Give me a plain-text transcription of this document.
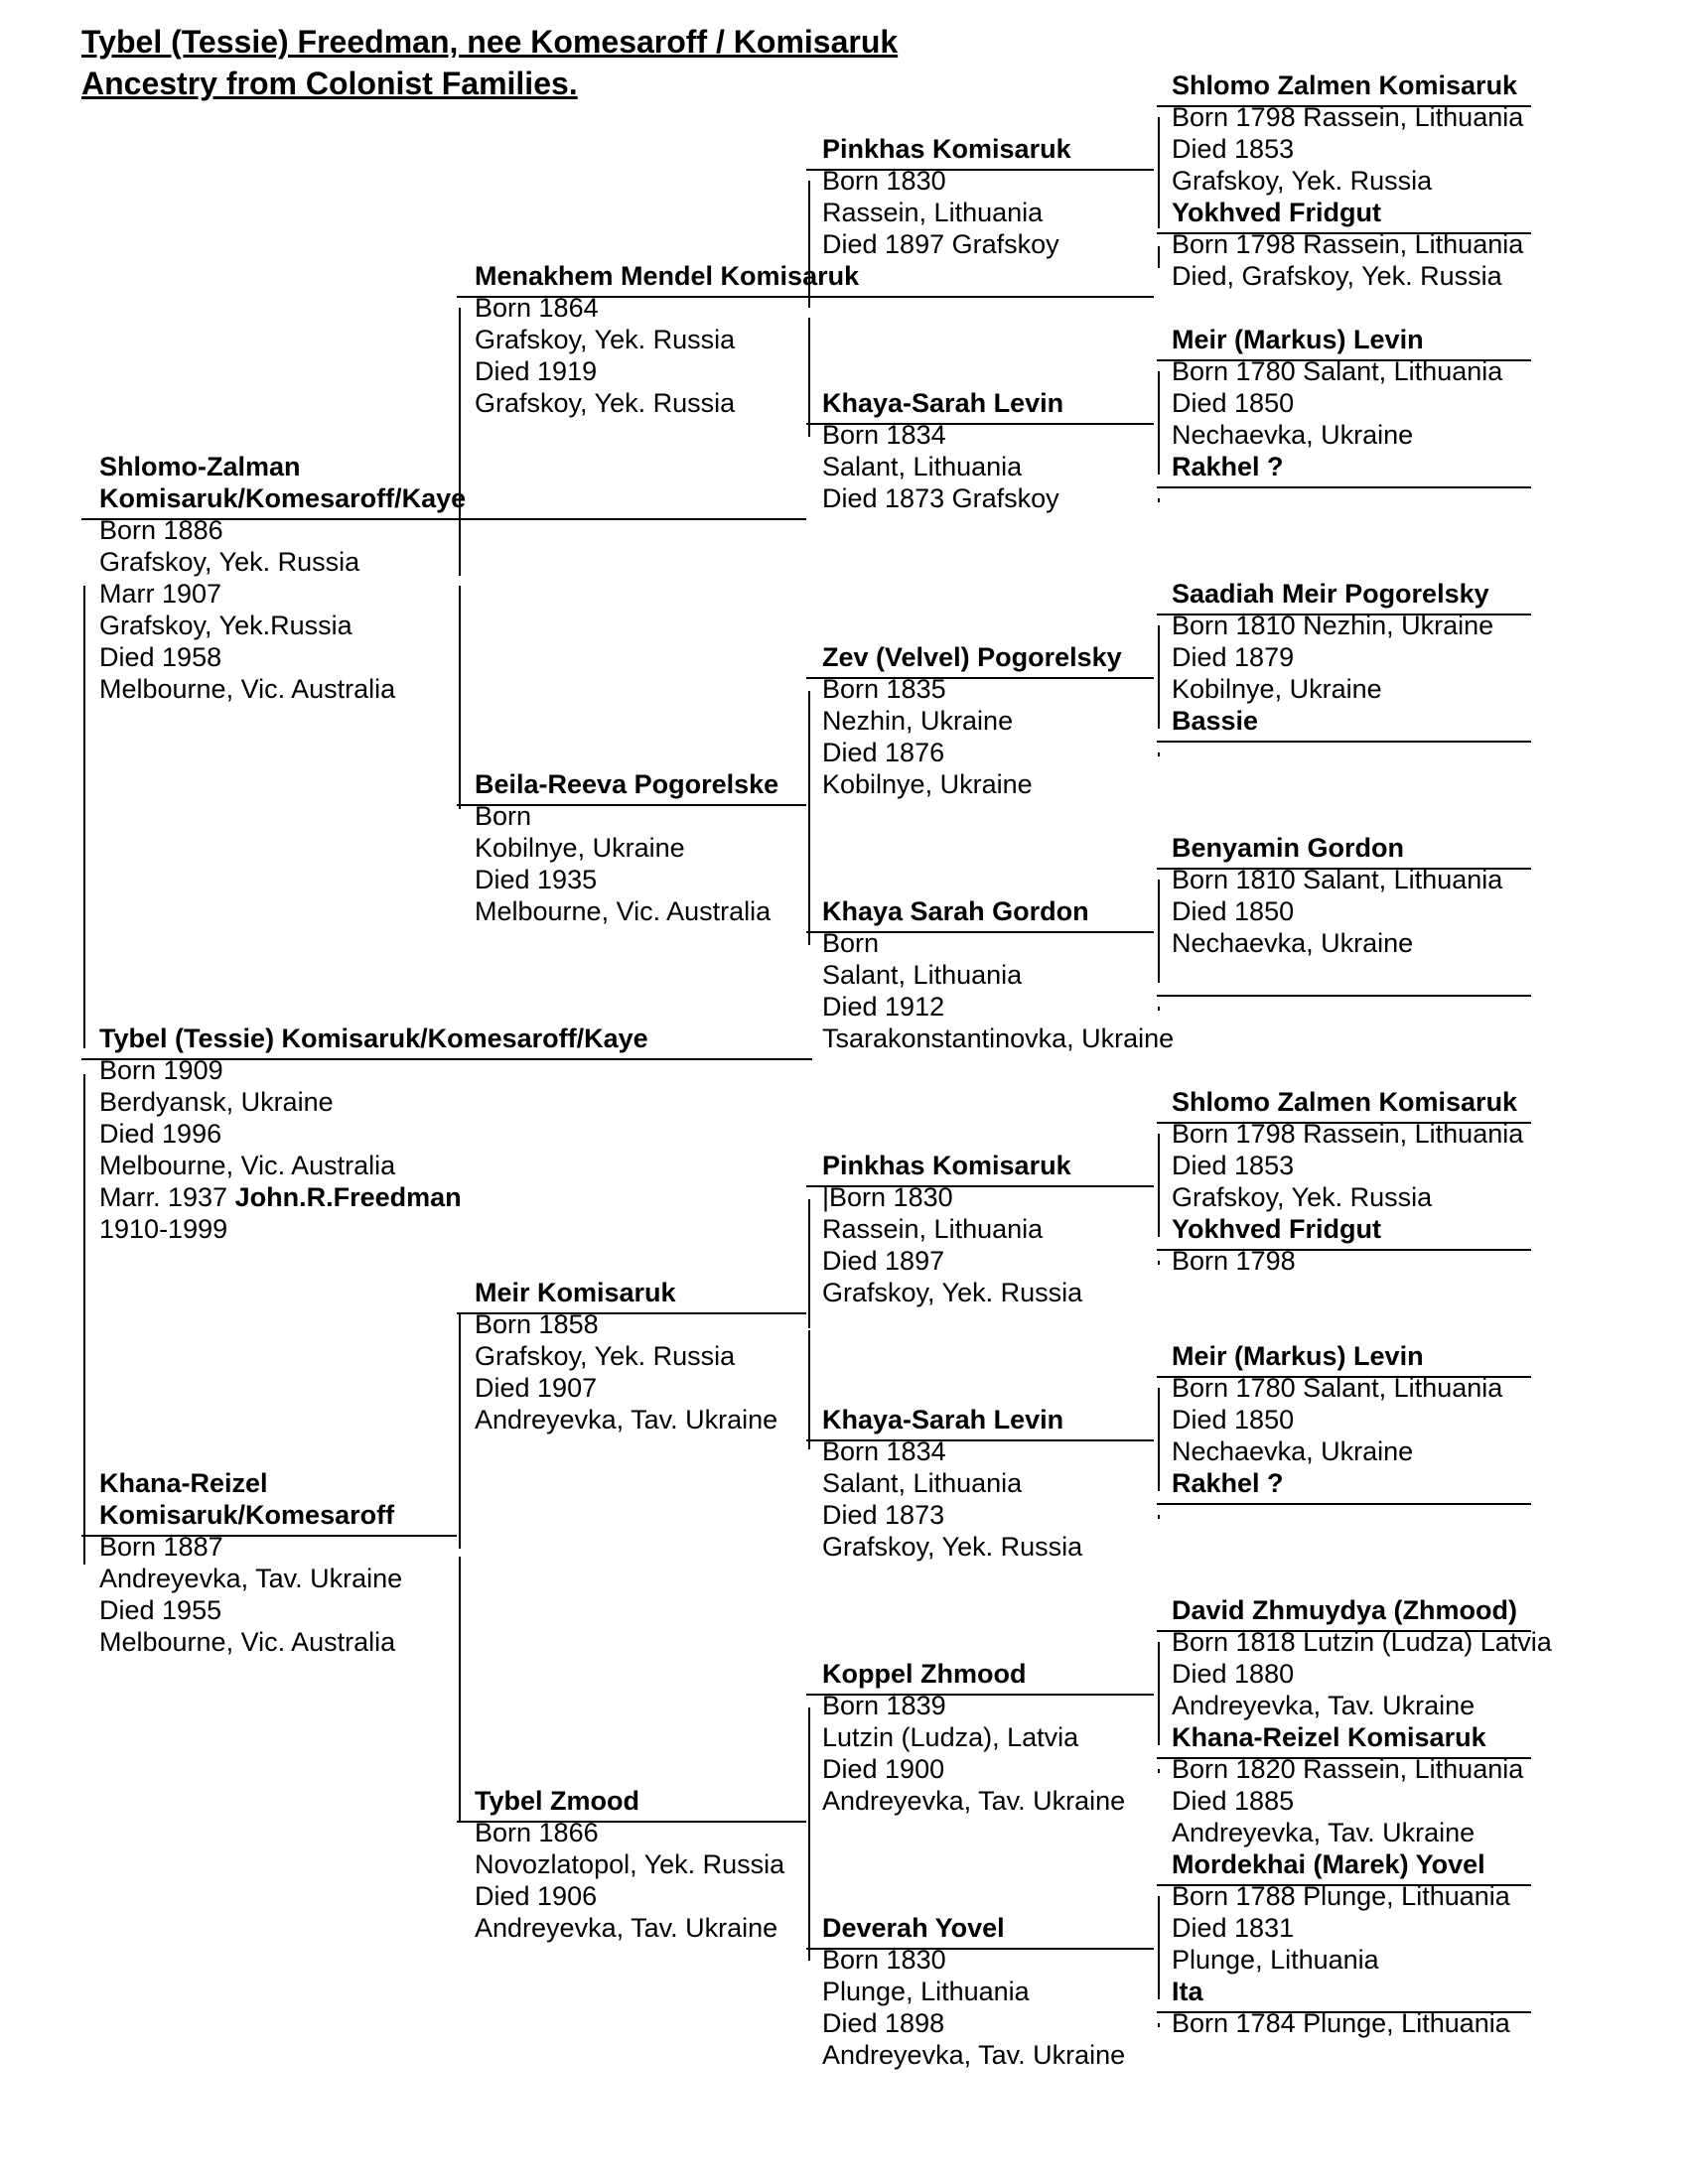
Tybel (Tessie) Freedman, nee Komesaroff / Komisaruk
Ancestry from Colonist Families.
Tybel (Tessie) Komisaruk/Komesaroff/Kaye
Born 1909
Berdyansk, Ukraine
Died 1996
Melbourne, Vic. Australia
Marr. 1937 John.R.Freedman
1910-1999
Shlomo-Zalman
Komisaruk/Komesaroff/Kaye
Born 1886
Grafskoy, Yek. Russia
Marr 1907
Grafskoy, Yek.Russia
Died 1958
Melbourne, Vic. Australia
Khana-Reizel
Komisaruk/Komesaroff
Born 1887
Andreyevka, Tav. Ukraine
Died 1955
Melbourne, Vic. Australia
Menakhem Mendel Komisaruk
Born 1864
Grafskoy, Yek. Russia
Died 1919
Grafskoy, Yek. Russia
Beila-Reeva Pogorelske
Born
Kobilnye, Ukraine
Died 1935
Melbourne, Vic. Australia
Meir Komisaruk
Born 1858
Grafskoy, Yek. Russia
Died 1907
Andreyevka, Tav. Ukraine
Tybel Zmood
Born 1866
Novozlatopol, Yek. Russia
Died 1906
Andreyevka, Tav. Ukraine
Pinkhas Komisaruk
Born 1830
Rassein, Lithuania
Died 1897 Grafskoy
Khaya-Sarah Levin
Born 1834
Salant, Lithuania
Died 1873 Grafskoy
Zev (Velvel) Pogorelsky
Born 1835
Nezhin, Ukraine
Died 1876
Kobilnye, Ukraine
Khaya Sarah Gordon
Born
Salant, Lithuania
Died 1912
Tsarakonstantinovka, Ukraine
Pinkhas Komisaruk
|Born 1830
Rassein, Lithuania
Died 1897
Grafskoy, Yek. Russia
Khaya-Sarah Levin
Born 1834
Salant, Lithuania
Died 1873
Grafskoy, Yek. Russia
Koppel Zhmood
Born 1839
Lutzin (Ludza), Latvia
Died 1900
Andreyevka, Tav. Ukraine
Deverah Yovel
Born 1830
Plunge, Lithuania
Died 1898
Andreyevka, Tav. Ukraine
Shlomo Zalmen Komisaruk
Born 1798 Rassein, Lithuania
Died 1853
Grafskoy, Yek. Russia
Yokhved Fridgut
Born 1798 Rassein, Lithuania
Died, Grafskoy, Yek. Russia
Meir (Markus) Levin
Born 1780 Salant, Lithuania
Died 1850
Nechaevka, Ukraine
Rakhel ?
Saadiah Meir Pogorelsky
Born 1810 Nezhin, Ukraine
Died 1879
Kobilnye, Ukraine
Bassie
Benyamin Gordon
Born 1810 Salant, Lithuania
Died 1850
Nechaevka, Ukraine
Shlomo Zalmen Komisaruk
Born 1798 Rassein, Lithuania
Died 1853
Grafskoy, Yek. Russia
Yokhved Fridgut
Born 1798
Meir (Markus) Levin
Born 1780 Salant, Lithuania
Died 1850
Nechaevka, Ukraine
Rakhel ?
David Zhmuydya (Zhmood)
Born 1818 Lutzin (Ludza) Latvia
Died 1880
Andreyevka, Tav. Ukraine
Khana-Reizel Komisaruk
Born 1820 Rassein, Lithuania
Died 1885
Andreyevka, Tav. Ukraine
Mordekhai (Marek) Yovel
Born 1788 Plunge, Lithuania
Died 1831
Plunge, Lithuania
Ita
Born 1784 Plunge, Lithuania
